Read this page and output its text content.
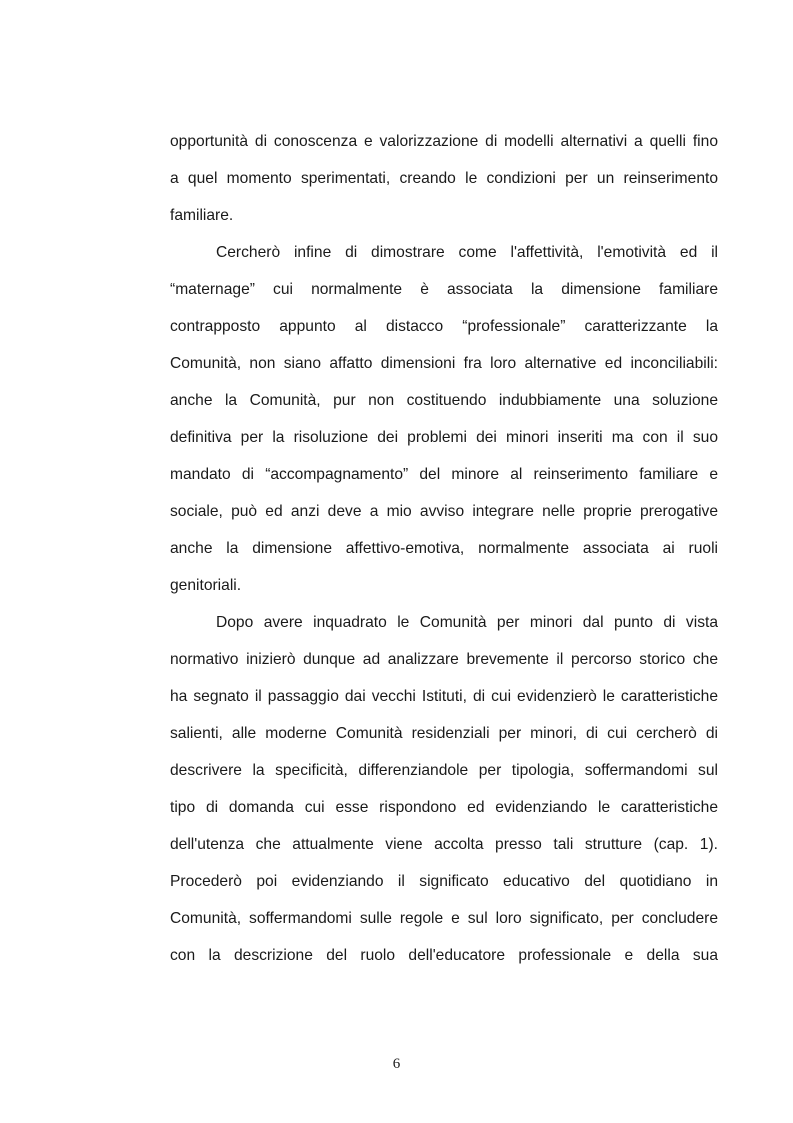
opportunità di conoscenza e valorizzazione di modelli alternativi a quelli fino
a quel momento sperimentati, creando le condizioni per un reinserimento
familiare.
Cercherò infine di dimostrare come l'affettività, l'emotività ed il
“maternage” cui normalmente è associata la dimensione familiare
contrapposto appunto al distacco “professionale” caratterizzante la
Comunità, non siano affatto dimensioni fra loro alternative ed inconciliabili:
anche la Comunità, pur non costituendo indubbiamente una soluzione
definitiva per la risoluzione dei problemi dei minori inseriti ma con il suo
mandato di “accompagnamento” del minore al reinserimento familiare e
sociale, può ed anzi deve a mio avviso integrare nelle proprie prerogative
anche la dimensione affettivo-emotiva, normalmente associata ai ruoli
genitoriali.
Dopo avere inquadrato le Comunità per minori dal punto di vista
normativo inizierò dunque ad analizzare brevemente il percorso storico che
ha segnato il passaggio dai vecchi Istituti, di cui evidenzierò le caratteristiche
salienti, alle moderne Comunità residenziali per minori, di cui cercherò di
descrivere la specificità, differenziandole per tipologia, soffermandomi sul
tipo di domanda cui esse rispondono ed evidenziando le caratteristiche
dell'utenza che attualmente viene accolta presso tali strutture (cap. 1).
Procederò poi evidenziando il significato educativo del quotidiano in
Comunità, soffermandomi sulle regole e sul loro significato, per concludere
con la descrizione del ruolo dell'educatore professionale e della sua
6
